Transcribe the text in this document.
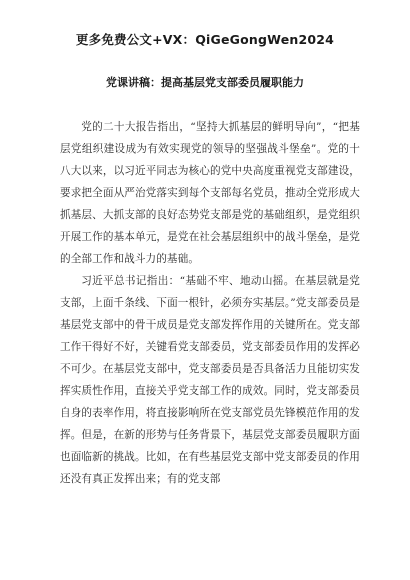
更多免费公文+VX：QiGeGongWen2024
党课讲稿：提高基层党支部委员履职能力

党的二十大报告指出，“坚持大抓基层的鲜明导向”，“把基层党组织建设成为有效实现党的领导的坚强战斗堡垒”。党的十八大以来，以习近平同志为核心的党中央高度重视党支部建设，要求把全面从严治党落实到每个支部每名党员，推动全党形成大抓基层、大抓支部的良好态势党支部是党的基础组织，是党组织开展工作的基本单元，是党在社会基层组织中的战斗堡垒，是党的全部工作和战斗力的基础。

习近平总书记指出：“基础不牢、地动山摇。在基层就是党支部，上面千条线、下面一根针，必须夯实基层。”党支部委员是基层党支部中的骨干成员是党支部发挥作用的关键所在。党支部工作干得好不好，关键看党支部委员，党支部委员作用的发挥必不可少。在基层党支部中，党支部委员是否具备活力且能切实发挥实质性作用，直接关乎党支部工作的成效。同时，党支部委员自身的表率作用，将直接影响所在党支部党员先锋模范作用的发挥。但是，在新的形势与任务背景下，基层党支部委员履职方面也面临新的挑战。比如，在有些基层党支部中党支部委员的作用还没有真正发挥出来；有的党支部
